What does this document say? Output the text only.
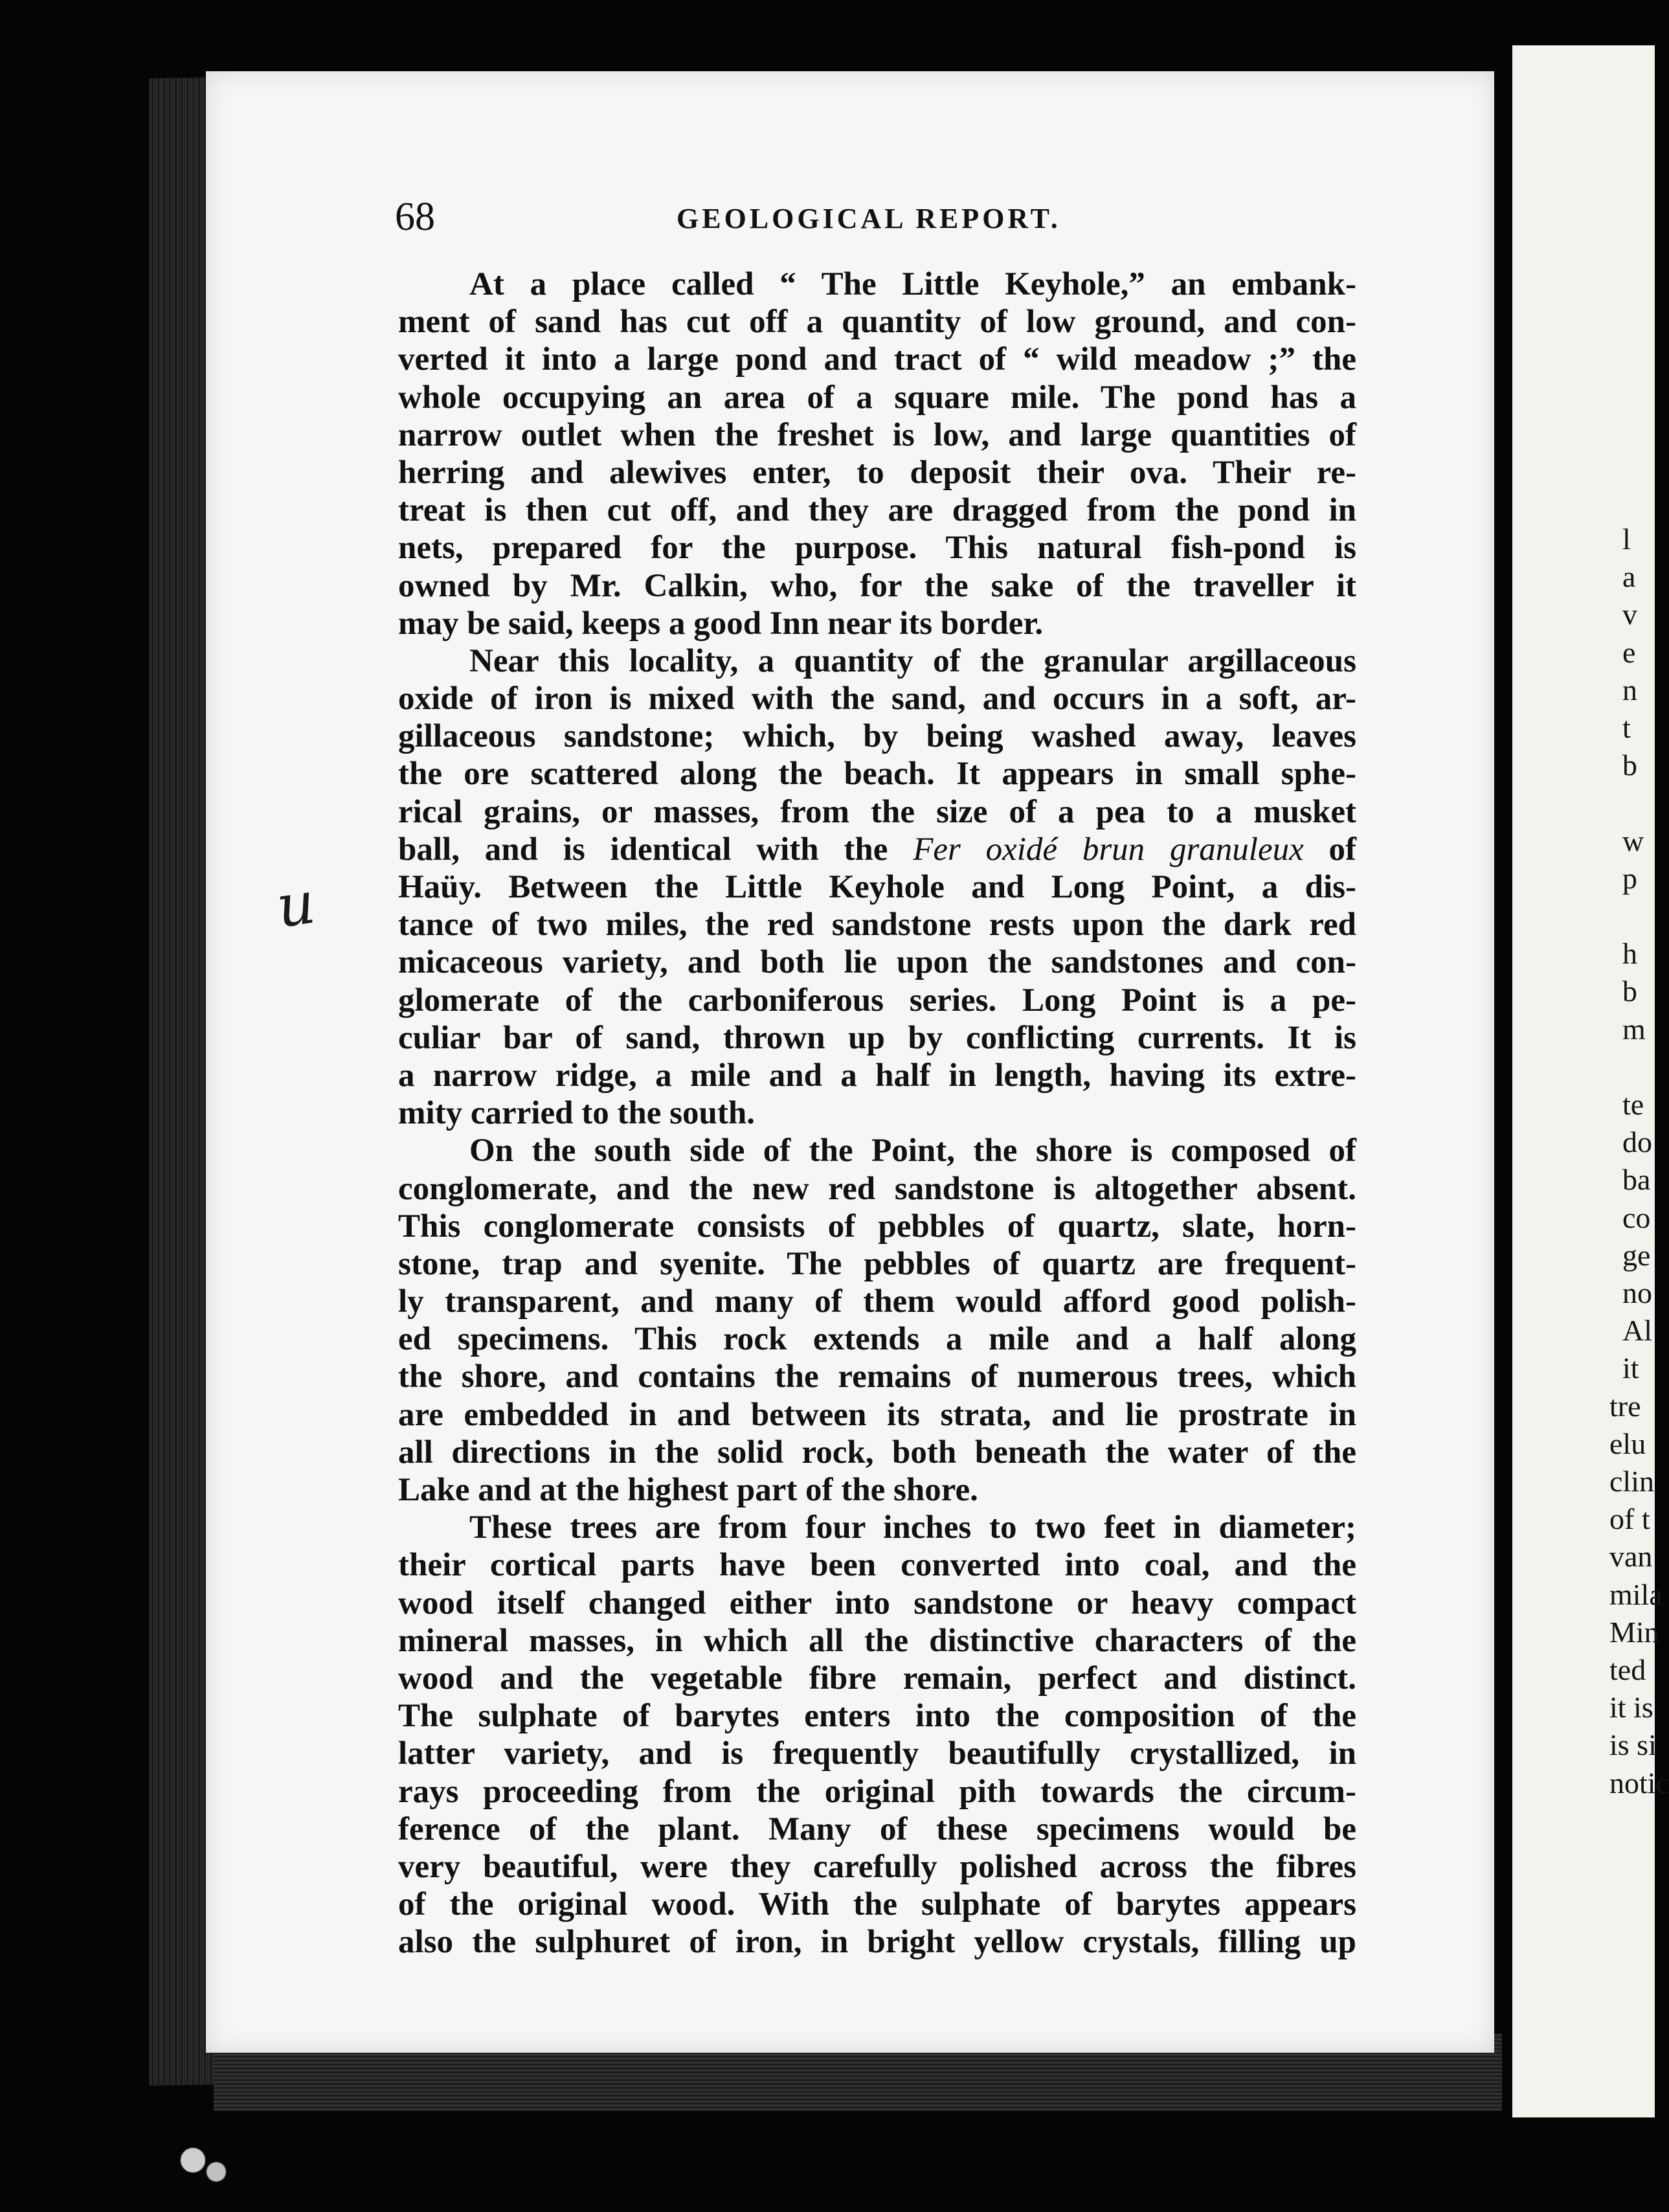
l
a
v
e
n
t
b
w
p
h
b
m
te
do
ba
co
ge
no
Al
it
tre
elu
clin
of t
van
mila
Min
ted
it is
is si
notic
68	GEOLOGICAL REPORT.
u
At a place called “ The Little Keyhole,” an embank-
ment of sand has cut off a quantity of low ground, and con-
verted it into a large pond and tract of “ wild meadow ;” the
whole occupying an area of a square mile. The pond has a
narrow outlet when the freshet is low, and large quantities of
herring and alewives enter, to deposit their ova. Their re-
treat is then cut off, and they are dragged from the pond in
nets, prepared for the purpose. This natural fish-pond is
owned by Mr. Calkin, who, for the sake of the traveller it
may be said, keeps a good Inn near its border.
Near this locality, a quantity of the granular argillaceous
oxide of iron is mixed with the sand, and occurs in a soft, ar-
gillaceous sandstone; which, by being washed away, leaves
the ore scattered along the beach. It appears in small sphe-
rical grains, or masses, from the size of a pea to a musket
ball, and is identical with the Fer oxidé brun granuleux of
Haüy. Between the Little Keyhole and Long Point, a dis-
tance of two miles, the red sandstone rests upon the dark red
micaceous variety, and both lie upon the sandstones and con-
glomerate of the carboniferous series. Long Point is a pe-
culiar bar of sand, thrown up by conflicting currents. It is
a narrow ridge, a mile and a half in length, having its extre-
mity carried to the south.
On the south side of the Point, the shore is composed of
conglomerate, and the new red sandstone is altogether absent.
This conglomerate consists of pebbles of quartz, slate, horn-
stone, trap and syenite. The pebbles of quartz are frequent-
ly transparent, and many of them would afford good polish-
ed specimens. This rock extends a mile and a half along
the shore, and contains the remains of numerous trees, which
are embedded in and between its strata, and lie prostrate in
all directions in the solid rock, both beneath the water of the
Lake and at the highest part of the shore.
These trees are from four inches to two feet in diameter;
their cortical parts have been converted into coal, and the
wood itself changed either into sandstone or heavy compact
mineral masses, in which all the distinctive characters of the
wood and the vegetable fibre remain, perfect and distinct.
The sulphate of barytes enters into the composition of the
latter variety, and is frequently beautifully crystallized, in
rays proceeding from the original pith towards the circum-
ference of the plant. Many of these specimens would be
very beautiful, were they carefully polished across the fibres
of the original wood. With the sulphate of barytes appears
also the sulphuret of iron, in bright yellow crystals, filling up
